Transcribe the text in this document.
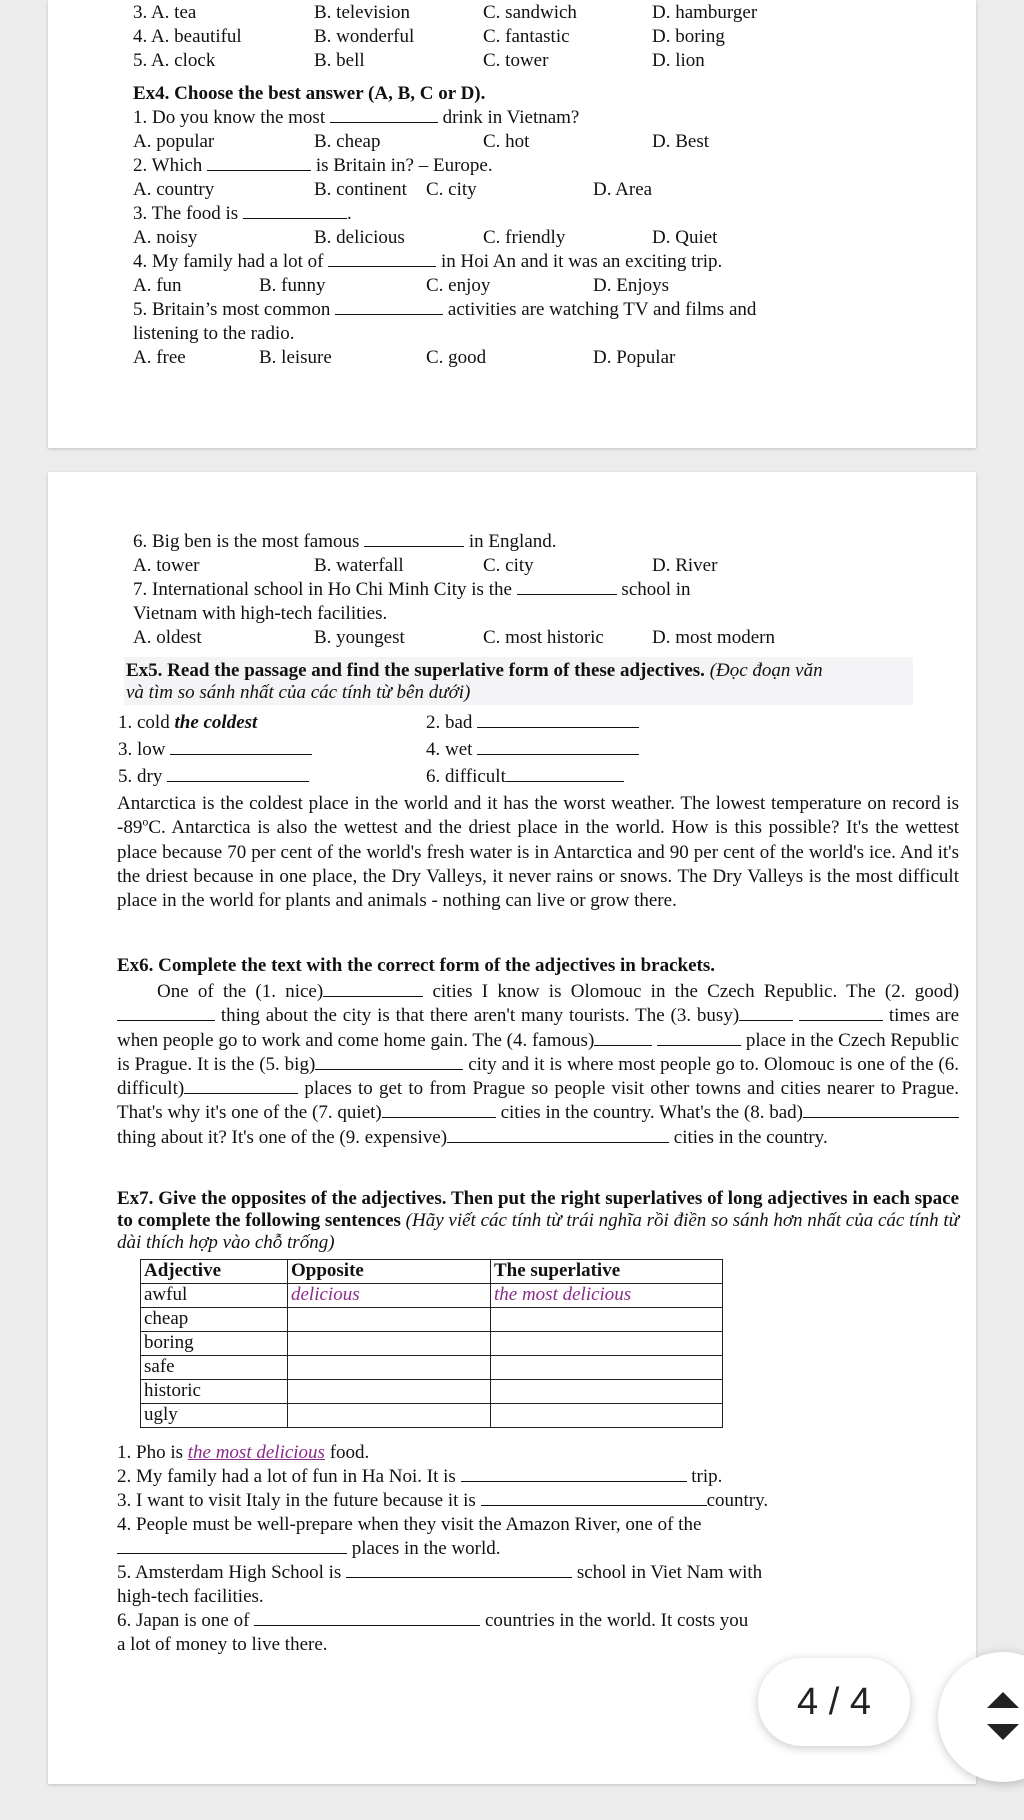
3. A. tea	B. television	C. sandwich	D. hamburger
4. A. beautiful	B. wonderful	C. fantastic	D. boring
5. A. clock	B. bell	C. tower	D. lion
Ex4. Choose the best answer (A, B, C or D).
1. Do you know the most	drink in Vietnam?
A. popular	B. cheap	C. hot	D. Best
2. Which	is Britain in? – Europe.
A. country	B. continent C. city	D. Area
3. The food is	.
A. noisy	B. delicious	C. friendly	D. Quiet
4. My family had a lot of	in Hoi An and it was an exciting trip.
A. fun	B. funny	C. enjoy	D. Enjoys
5. Britain’s most common	activities are watching TV and films and
listening to the radio.
A. free	B. leisure	C. good	D. Popular
6. Big ben is the most famous	in England.
A. tower	B. waterfall	C. city	D. River
7. International school in Ho Chi Minh City is the	school in
Vietnam with high-tech facilities.
A. oldest	B. youngest	C. most historic	D. most modern
Ex5. Read the passage and find the superlative form of these adjectives. (Đọc đoạn văn
và tìm so sánh nhất của các tính từ bên dưới)
1. cold the coldest	2. bad
3. low	4. wet
5. dry	6. difficult
Antarctica is the coldest place in the world and it has the worst weather. The lowest temperature on record is -89$^o$C. Antarctica is also the wettest and the driest place in the world. How is this possible? It's the wettest place because 70 per cent of the world's fresh water is in Antarctica and 90 per cent of the world's ice. And it's the driest because in one place, the Dry Valleys, it never rains or snows. The Dry Valleys is the most difficult place in the world for plants and animals - nothing can live or grow there.
Ex6. Complete the text with the correct form of the adjectives in brackets.
One of the (1. nice)	cities I know is Olomouc in the Czech Republic. The (2. good) thing about the city is that there aren't many tourists. The (3. busy)	times are when people go to work and come home gain. The (4. famous)	place in the Czech Republic is Prague. It is the (5. big)	city and it is where most people go to. Olomouc is one of the (6. difficult)	places to get to from Prague so people visit other towns and cities nearer to Prague. That's why it's one of the (7. quiet)	cities in the country. What's the (8. bad) thing about it? It's one of the (9. expensive)	cities in the country.
Ex7. Give the opposites of the adjectives. Then put the right superlatives of long adjectives in each space to complete the following sentences (Hãy viết các tính từ trái nghĩa rồi điền so sánh hơn nhất của các tính từ dài thích hợp vào chỗ trống)
Adjective	Opposite	The superlative
awful	delicious	the most delicious
cheap		
boring		
safe		
historic		
ugly		
1. Pho is the most delicious food.
2. My family had a lot of fun in Ha Noi. It is	trip.
3. I want to visit Italy in the future because it is	country.
4. People must be well-prepare when they visit the Amazon River, one of the
places in the world.
5. Amsterdam High School is	school in Viet Nam with
high-tech facilities.
6. Japan is one of	countries in the world. It costs you
a lot of money to live there.
4 / 4
